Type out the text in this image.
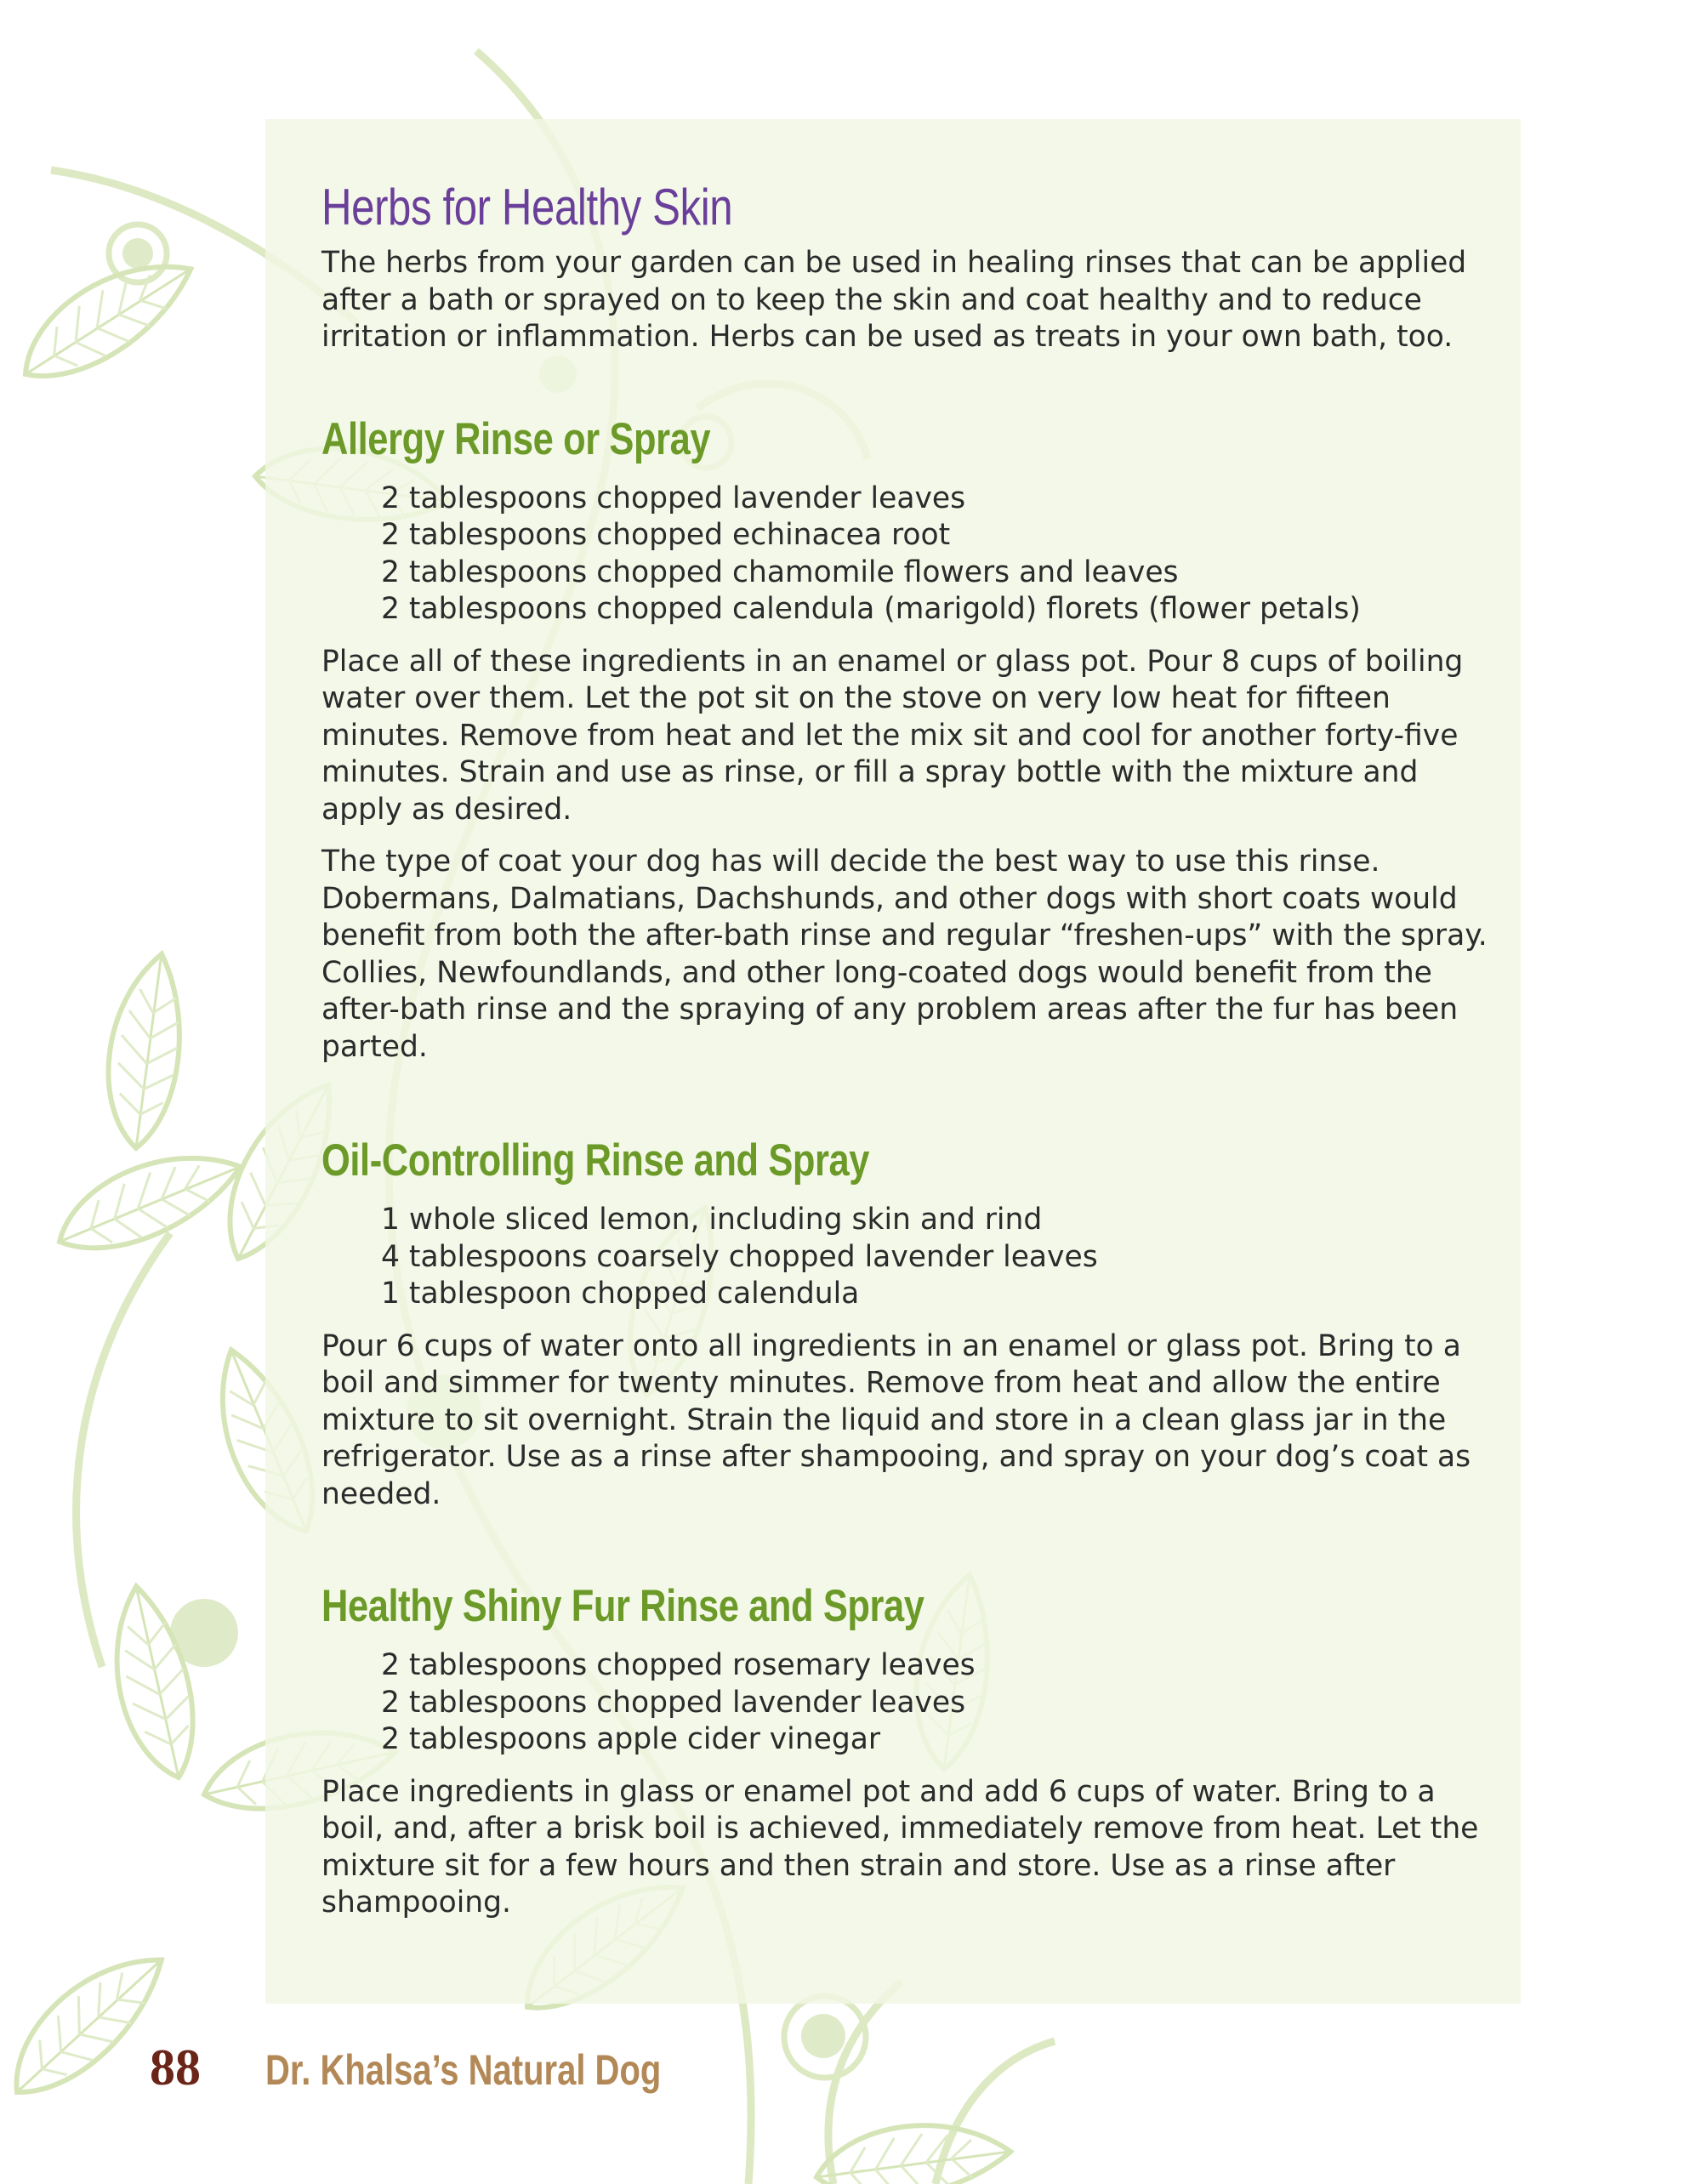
Herbs for Healthy Skin

The herbs from your garden can be used in healing rinses that can be applied after a bath or sprayed on to keep the skin and coat healthy and to reduce irritation or inflammation. Herbs can be used as treats in your own bath, too.

Allergy Rinse or Spray
2 tablespoons chopped lavender leaves
2 tablespoons chopped echinacea root
2 tablespoons chopped chamomile flowers and leaves
2 tablespoons chopped calendula (marigold) florets (flower petals)

Place all of these ingredients in an enamel or glass pot. Pour 8 cups of boiling water over them. Let the pot sit on the stove on very low heat for fifteen minutes. Remove from heat and let the mix sit and cool for another forty-five minutes. Strain and use as rinse, or fill a spray bottle with the mixture and apply as desired.

The type of coat your dog has will decide the best way to use this rinse. Dobermans, Dalmatians, Dachshunds, and other dogs with short coats would benefit from both the after-bath rinse and regular “freshen-ups” with the spray. Collies, Newfoundlands, and other long-coated dogs would benefit from the after-bath rinse and the spraying of any problem areas after the fur has been parted.

Oil-Controlling Rinse and Spray
1 whole sliced lemon, including skin and rind
4 tablespoons coarsely chopped lavender leaves
1 tablespoon chopped calendula

Pour 6 cups of water onto all ingredients in an enamel or glass pot. Bring to a boil and simmer for twenty minutes. Remove from heat and allow the entire mixture to sit overnight. Strain the liquid and store in a clean glass jar in the refrigerator. Use as a rinse after shampooing, and spray on your dog’s coat as needed.

Healthy Shiny Fur Rinse and Spray
2 tablespoons chopped rosemary leaves
2 tablespoons chopped lavender leaves
2 tablespoons apple cider vinegar

Place ingredients in glass or enamel pot and add 6 cups of water. Bring to a boil, and, after a brisk boil is achieved, immediately remove from heat. Let the mixture sit for a few hours and then strain and store. Use as a rinse after shampooing.

88 Dr. Khalsa’s Natural Dog
